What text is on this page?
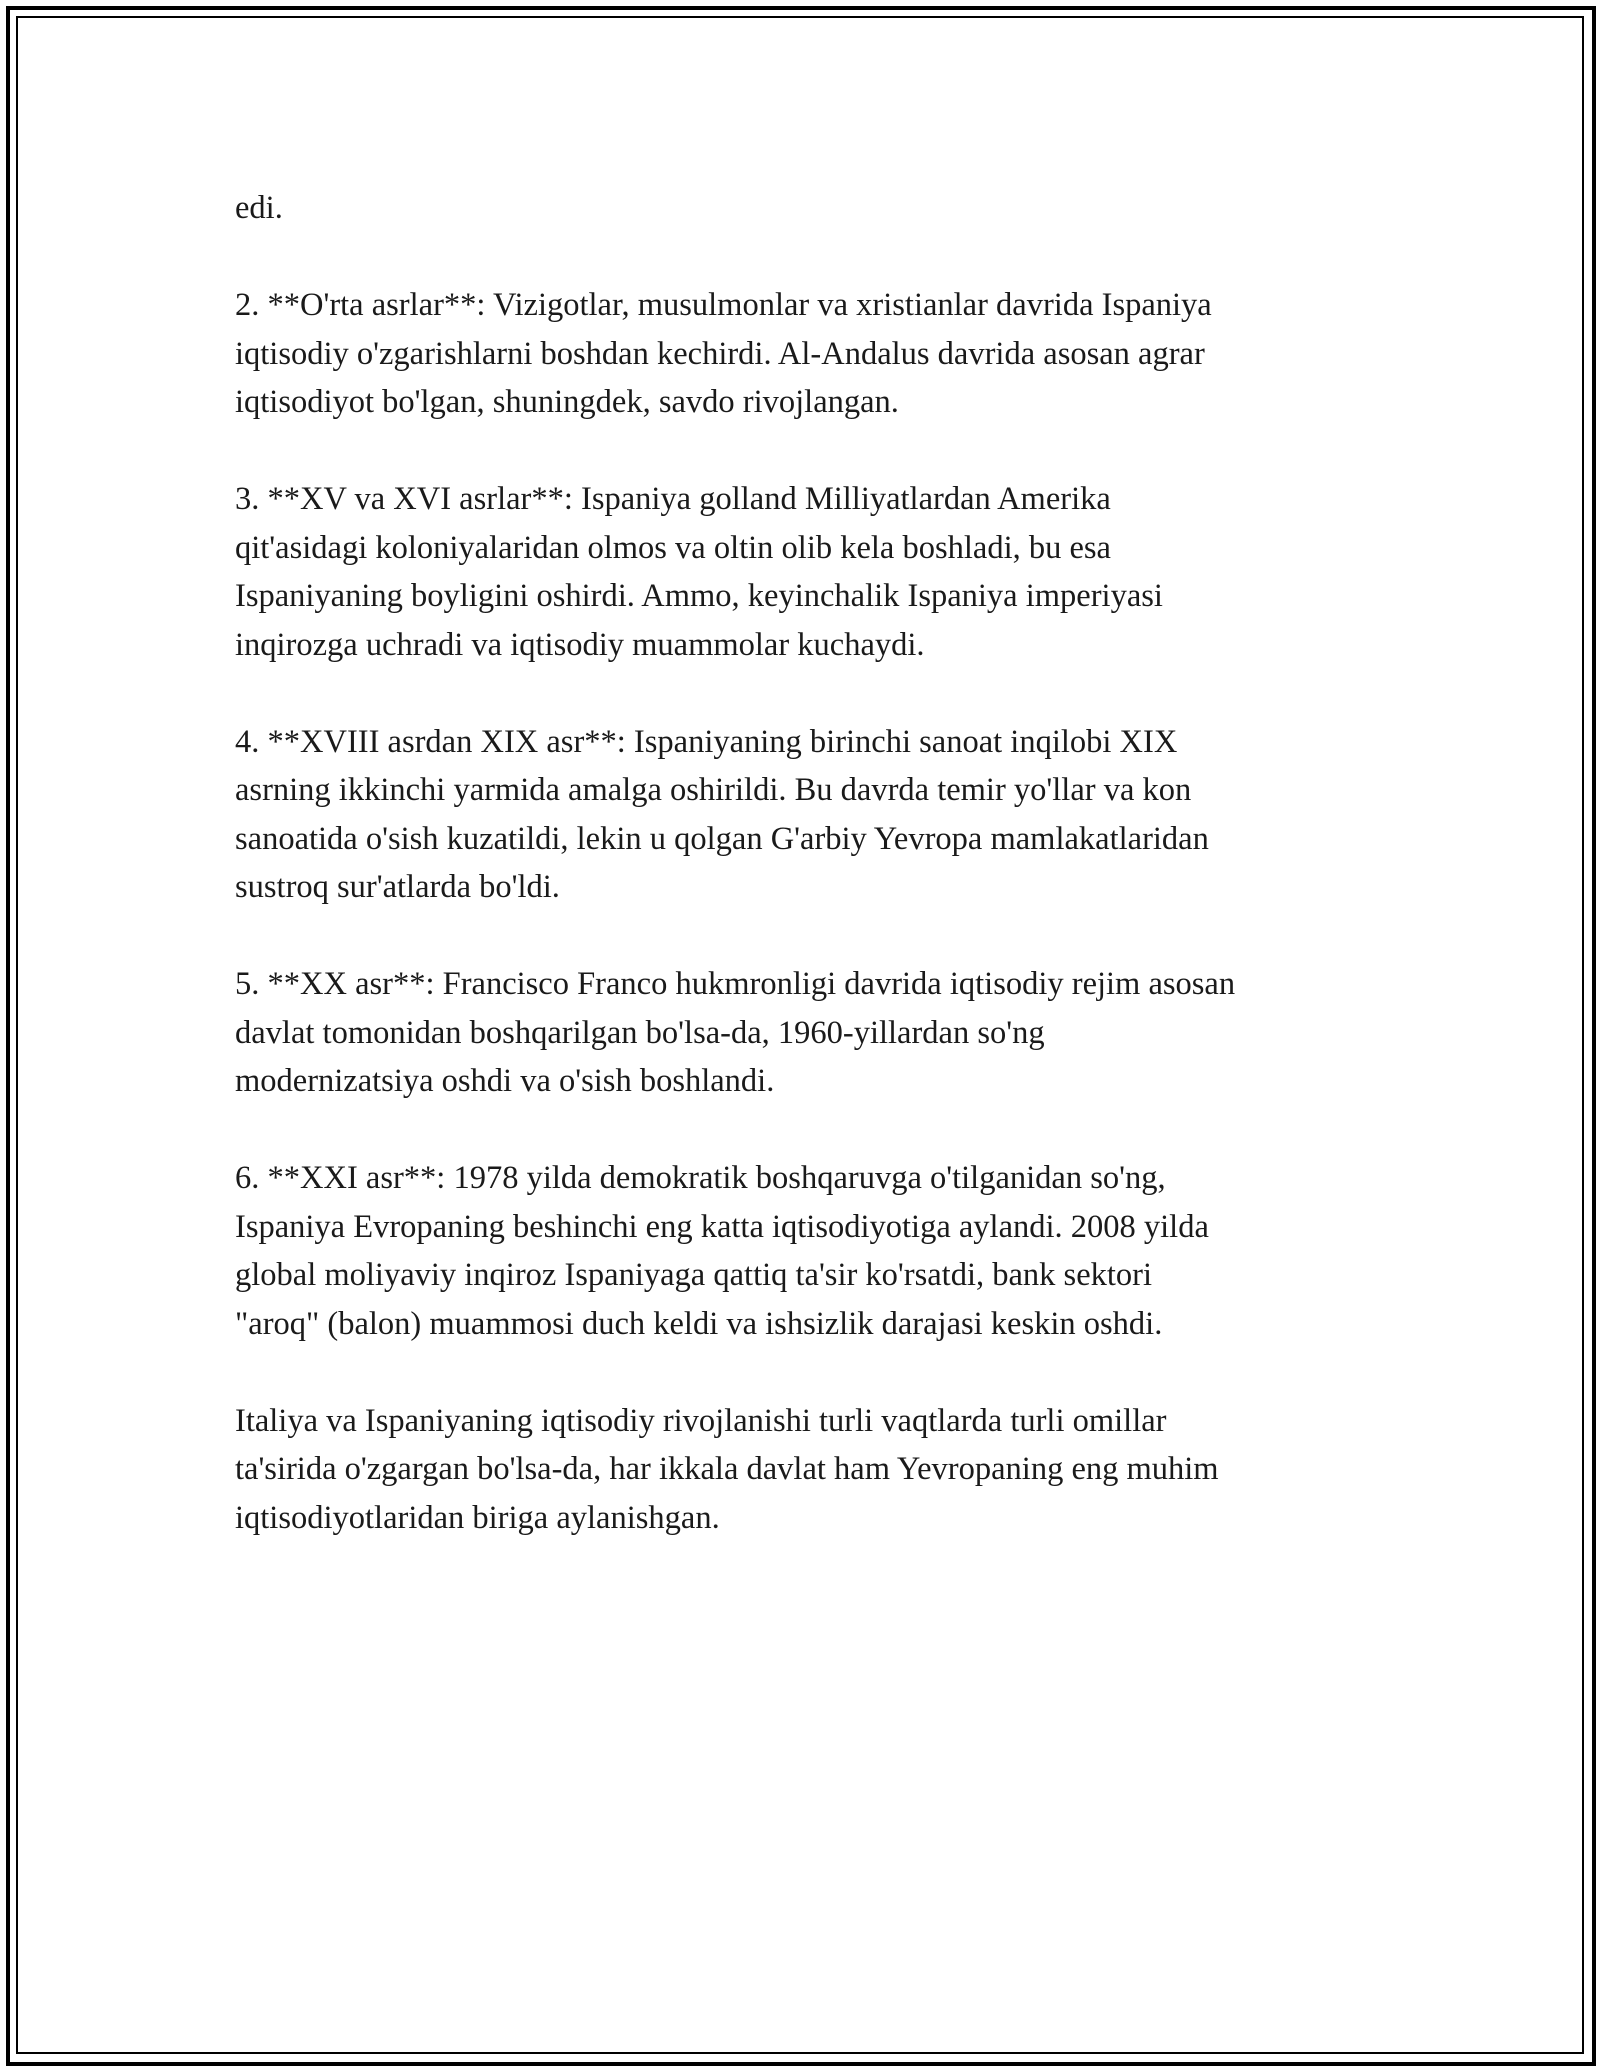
edi.

2. **O'rta asrlar**: Vizigotlar, musulmonlar va xristianlar davrida Ispaniya
iqtisodiy o'zgarishlarni boshdan kechirdi. Al-Andalus davrida asosan agrar
iqtisodiyot bo'lgan, shuningdek, savdo rivojlangan.

3. **XV va XVI asrlar**: Ispaniya golland Milliyatlardan Amerika
qit'asidagi koloniyalaridan olmos va oltin olib kela boshladi, bu esa
Ispaniyaning boyligini oshirdi. Ammo, keyinchalik Ispaniya imperiyasi
inqirozga uchradi va iqtisodiy muammolar kuchaydi.

4. **XVIII asrdan XIX asr**: Ispaniyaning birinchi sanoat inqilobi XIX
asrning ikkinchi yarmida amalga oshirildi. Bu davrda temir yo'llar va kon
sanoatida o'sish kuzatildi, lekin u qolgan G'arbiy Yevropa mamlakatlaridan
sustroq sur'atlarda bo'ldi.

5. **XX asr**: Francisco Franco hukmronligi davrida iqtisodiy rejim asosan
davlat tomonidan boshqarilgan bo'lsa-da, 1960-yillardan so'ng
modernizatsiya oshdi va o'sish boshlandi.

6. **XXI asr**: 1978 yilda demokratik boshqaruvga o'tilganidan so'ng,
Ispaniya Evropaning beshinchi eng katta iqtisodiyotiga aylandi. 2008 yilda
global moliyaviy inqiroz Ispaniyaga qattiq ta'sir ko'rsatdi, bank sektori
"aroq" (balon) muammosi duch keldi va ishsizlik darajasi keskin oshdi.

Italiya va Ispaniyaning iqtisodiy rivojlanishi turli vaqtlarda turli omillar
ta'sirida o'zgargan bo'lsa-da, har ikkala davlat ham Yevropaning eng muhim
iqtisodiyotlaridan biriga aylanishgan.
